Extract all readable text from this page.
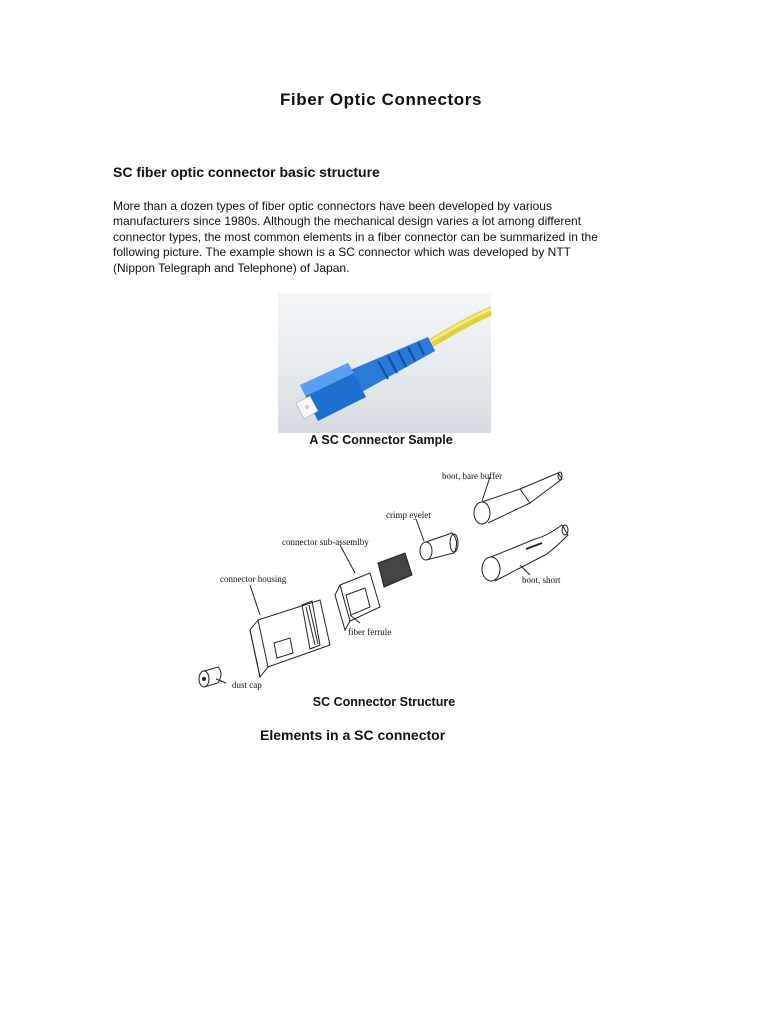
Fiber Optic Connectors
SC fiber optic connector basic structure
More than a dozen types of fiber optic connectors have been developed by various
manufacturers since 1980s. Although the mechanical design varies a lot among different
connector types, the most common elements in a fiber connector can be summarized in the
following picture. The example shown is a SC connector which was developed by NTT
(Nippon Telegraph and Telephone) of Japan.
A SC Connector Sample
boot, bare buffer
crimp eyelet
connector sub-assemlby
connector housing
fiber ferrule
boot, short
dust cap
SC Connector Structure
Elements in a SC connector
